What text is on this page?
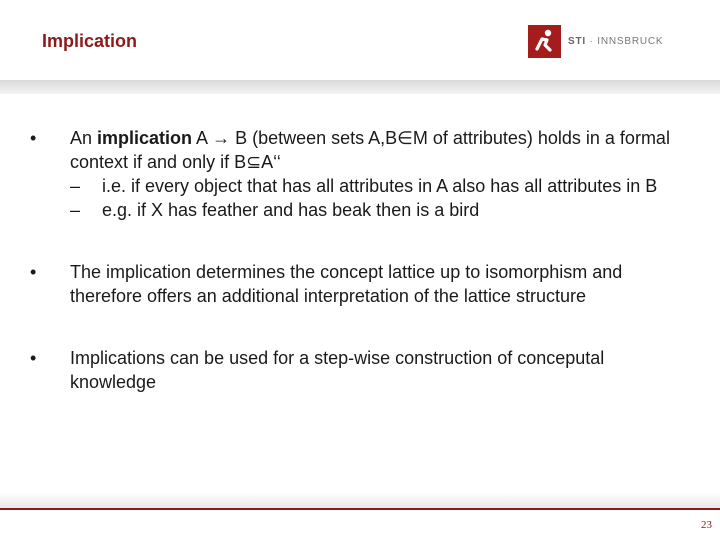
Implication	STI · INNSBRUCK
•	An implication A → B (between sets A,B∈M of attributes) holds in a formal context if and only if B⊆A‘‘
–	i.e. if every object that has all attributes in A also has all attributes in B
–	e.g. if X has feather and has beak then is a bird
•	The implication determines the concept lattice up to isomorphism and therefore offers an additional interpretation of the lattice structure
•	Implications can be used for a step-wise construction of conceputal knowledge
23
